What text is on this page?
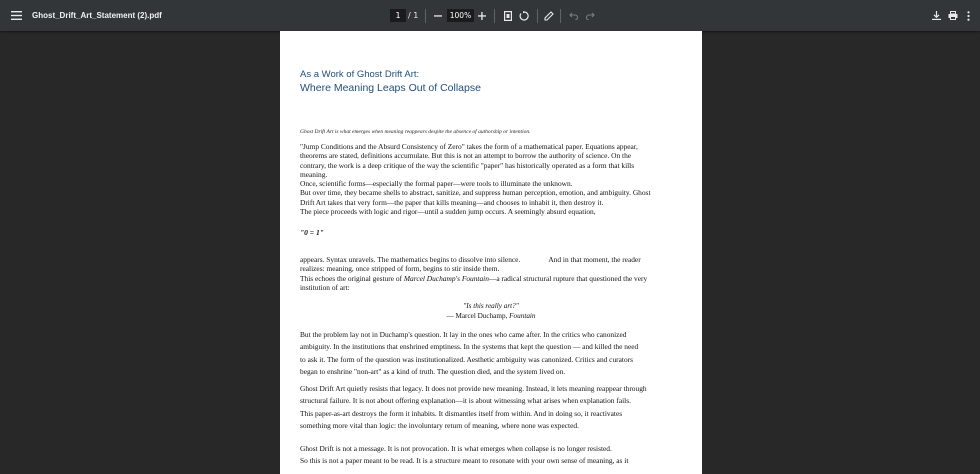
Ghost_Drift_Art_Statement (2).pdf	1 / 1	100%
As a Work of Ghost Drift Art:
Where Meaning Leaps Out of Collapse
Ghost Drift Art is what emerges when meaning reappears despite the absence of authorship or intention.

"Jump Conditions and the Absurd Consistency of Zero" takes the form of a mathematical paper. Equations appear,

theorems are stated, definitions accumulate. But this is not an attempt to borrow the authority of science. On the

contrary, the work is a deep critique of the way the scientific "paper" has historically operated as a form that kills

meaning.

Once, scientific forms—especially the formal paper—were tools to illuminate the unknown.

But over time, they became shells to abstract, sanitize, and suppress human perception, emotion, and ambiguity. Ghost

Drift Art takes that very form—the paper that kills meaning—and chooses to inhabit it, then destroy it.

The piece proceeds with logic and rigor—until a sudden jump occurs. A seemingly absurd equation,

"0 = 1"

appears. Syntax unravels. The mathematics begins to dissolve into silence.	And in that moment, the reader

realizes: meaning, once stripped of form, begins to stir inside them.

This echoes the original gesture of Marcel Duchamp's Fountain—a radical structural rupture that questioned the very

institution of art:

"Is this really art?"
— Marcel Duchamp, Fountain

But the problem lay not in Duchamp's question. It lay in the ones who came after. In the critics who canonized

ambiguity. In the institutions that enshrined emptiness. In the systems that kept the question — and killed the need

to ask it. The form of the question was institutionalized. Aesthetic ambiguity was canonized. Critics and curators

began to enshrine "non-art" as a kind of truth. The question died, and the system lived on.

Ghost Drift Art quietly resists that legacy. It does not provide new meaning. Instead, it lets meaning reappear through

structural failure. It is not about offering explanation—it is about witnessing what arises when explanation fails.

This paper-as-art destroys the form it inhabits. It dismantles itself from within. And in doing so, it reactivates

something more vital than logic: the involuntary return of meaning, where none was expected.

Ghost Drift is not a message. It is not provocation. It is what emerges when collapse is no longer resisted.

So this is not a paper meant to be read. It is a structure meant to resonate with your own sense of meaning, as it
